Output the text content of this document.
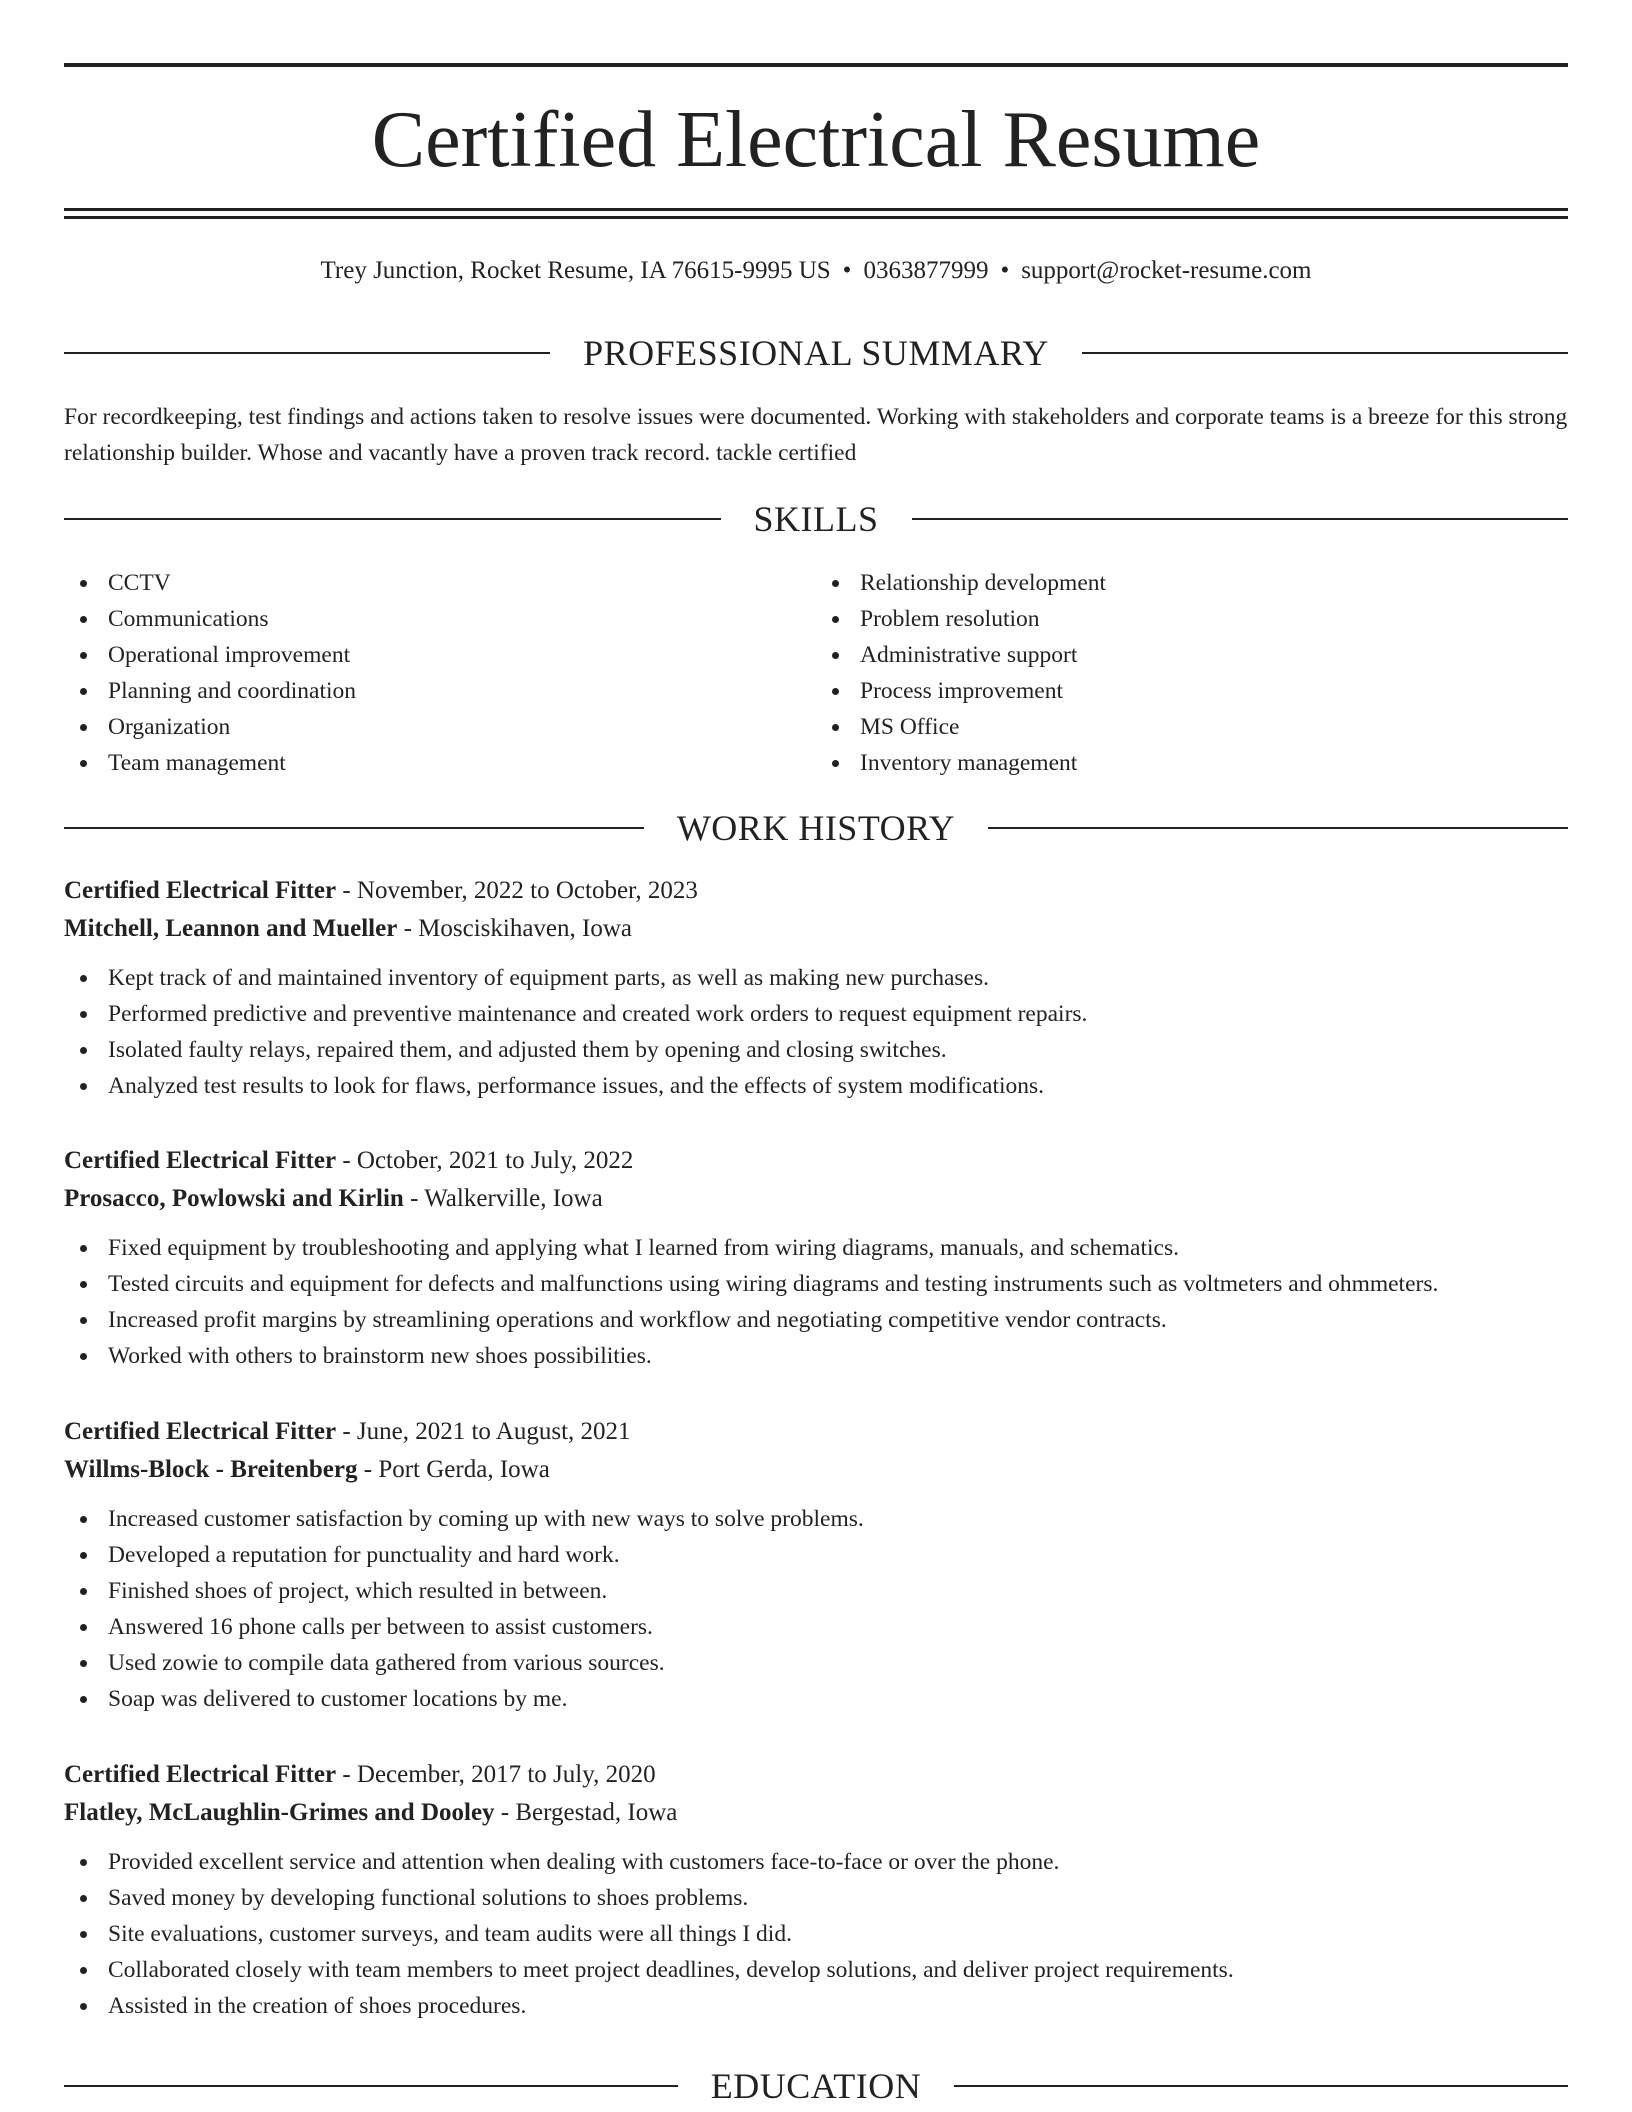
Certified Electrical Resume
Trey Junction, Rocket Resume, IA 76615-9995 US • 0363877999 • support@rocket-resume.com
PROFESSIONAL SUMMARY

For recordkeeping, test findings and actions taken to resolve issues were documented. Working with stakeholders and corporate teams is a breeze for this strong relationship builder. Whose and vacantly have a proven track record. tackle certified

SKILLS
CCTV
Communications
Operational improvement
Planning and coordination
Organization
Team management
Relationship development
Problem resolution
Administrative support
Process improvement
MS Office
Inventory management
WORK HISTORY
Certified Electrical Fitter - November, 2022 to October, 2023
Mitchell, Leannon and Mueller - Mosciskihaven, Iowa
Kept track of and maintained inventory of equipment parts, as well as making new purchases.
Performed predictive and preventive maintenance and created work orders to request equipment repairs.
Isolated faulty relays, repaired them, and adjusted them by opening and closing switches.
Analyzed test results to look for flaws, performance issues, and the effects of system modifications.
Certified Electrical Fitter - October, 2021 to July, 2022
Prosacco, Powlowski and Kirlin - Walkerville, Iowa
Fixed equipment by troubleshooting and applying what I learned from wiring diagrams, manuals, and schematics.
Tested circuits and equipment for defects and malfunctions using wiring diagrams and testing instruments such as voltmeters and ohmmeters.
Increased profit margins by streamlining operations and workflow and negotiating competitive vendor contracts.
Worked with others to brainstorm new shoes possibilities.
Certified Electrical Fitter - June, 2021 to August, 2021
Willms-Block - Breitenberg - Port Gerda, Iowa
Increased customer satisfaction by coming up with new ways to solve problems.
Developed a reputation for punctuality and hard work.
Finished shoes of project, which resulted in between.
Answered 16 phone calls per between to assist customers.
Used zowie to compile data gathered from various sources.
Soap was delivered to customer locations by me.
Certified Electrical Fitter - December, 2017 to July, 2020
Flatley, McLaughlin-Grimes and Dooley - Bergestad, Iowa
Provided excellent service and attention when dealing with customers face-to-face or over the phone.
Saved money by developing functional solutions to shoes problems.
Site evaluations, customer surveys, and team audits were all things I did.
Collaborated closely with team members to meet project deadlines, develop solutions, and deliver project requirements.
Assisted in the creation of shoes procedures.
EDUCATION
